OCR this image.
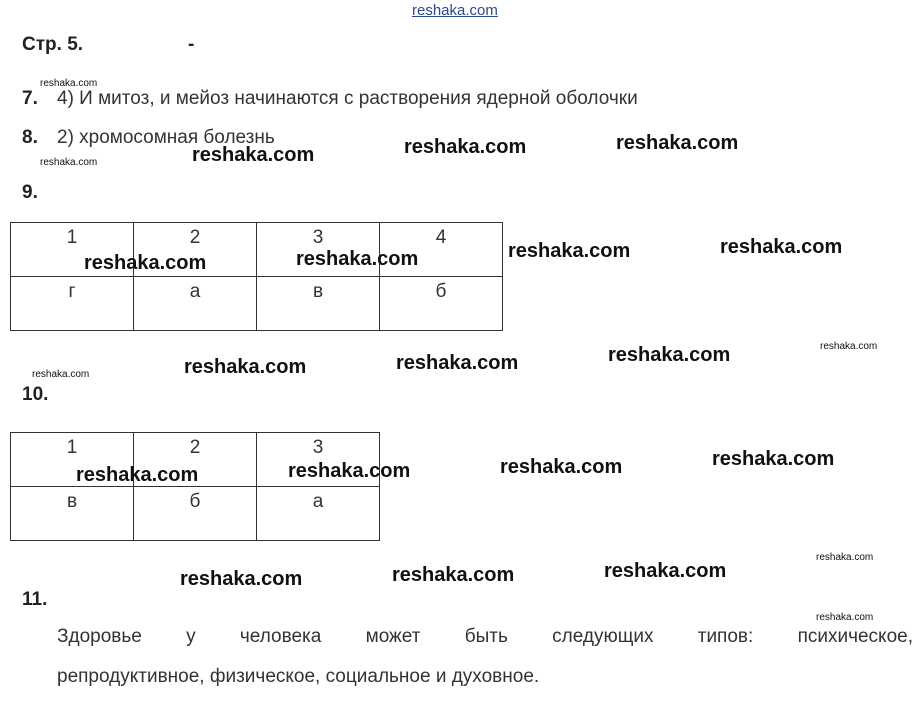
reshaka.com
Стр. 5.	-
reshaka.com
7. 4) И митоз, и мейоз начинаются с растворения ядерной оболочки
8. 2) хромосомная болезнь
reshaka.com	reshaka.com	reshaka.com	reshaka.com
9.
1	2	3	4
г	а	в	б
reshaka.com	reshaka.com	reshaka.com	reshaka.com
reshaka.com	reshaka.com	reshaka.com	reshaka.com	reshaka.com
10.
1	2	3
в	б	а
reshaka.com	reshaka.com	reshaka.com	reshaka.com
reshaka.com
reshaka.com	reshaka.com	reshaka.com
11.
reshaka.com
Здоровье у человека может быть следующих типов: психическое,
репродуктивное, физическое, социальное и духовное.
